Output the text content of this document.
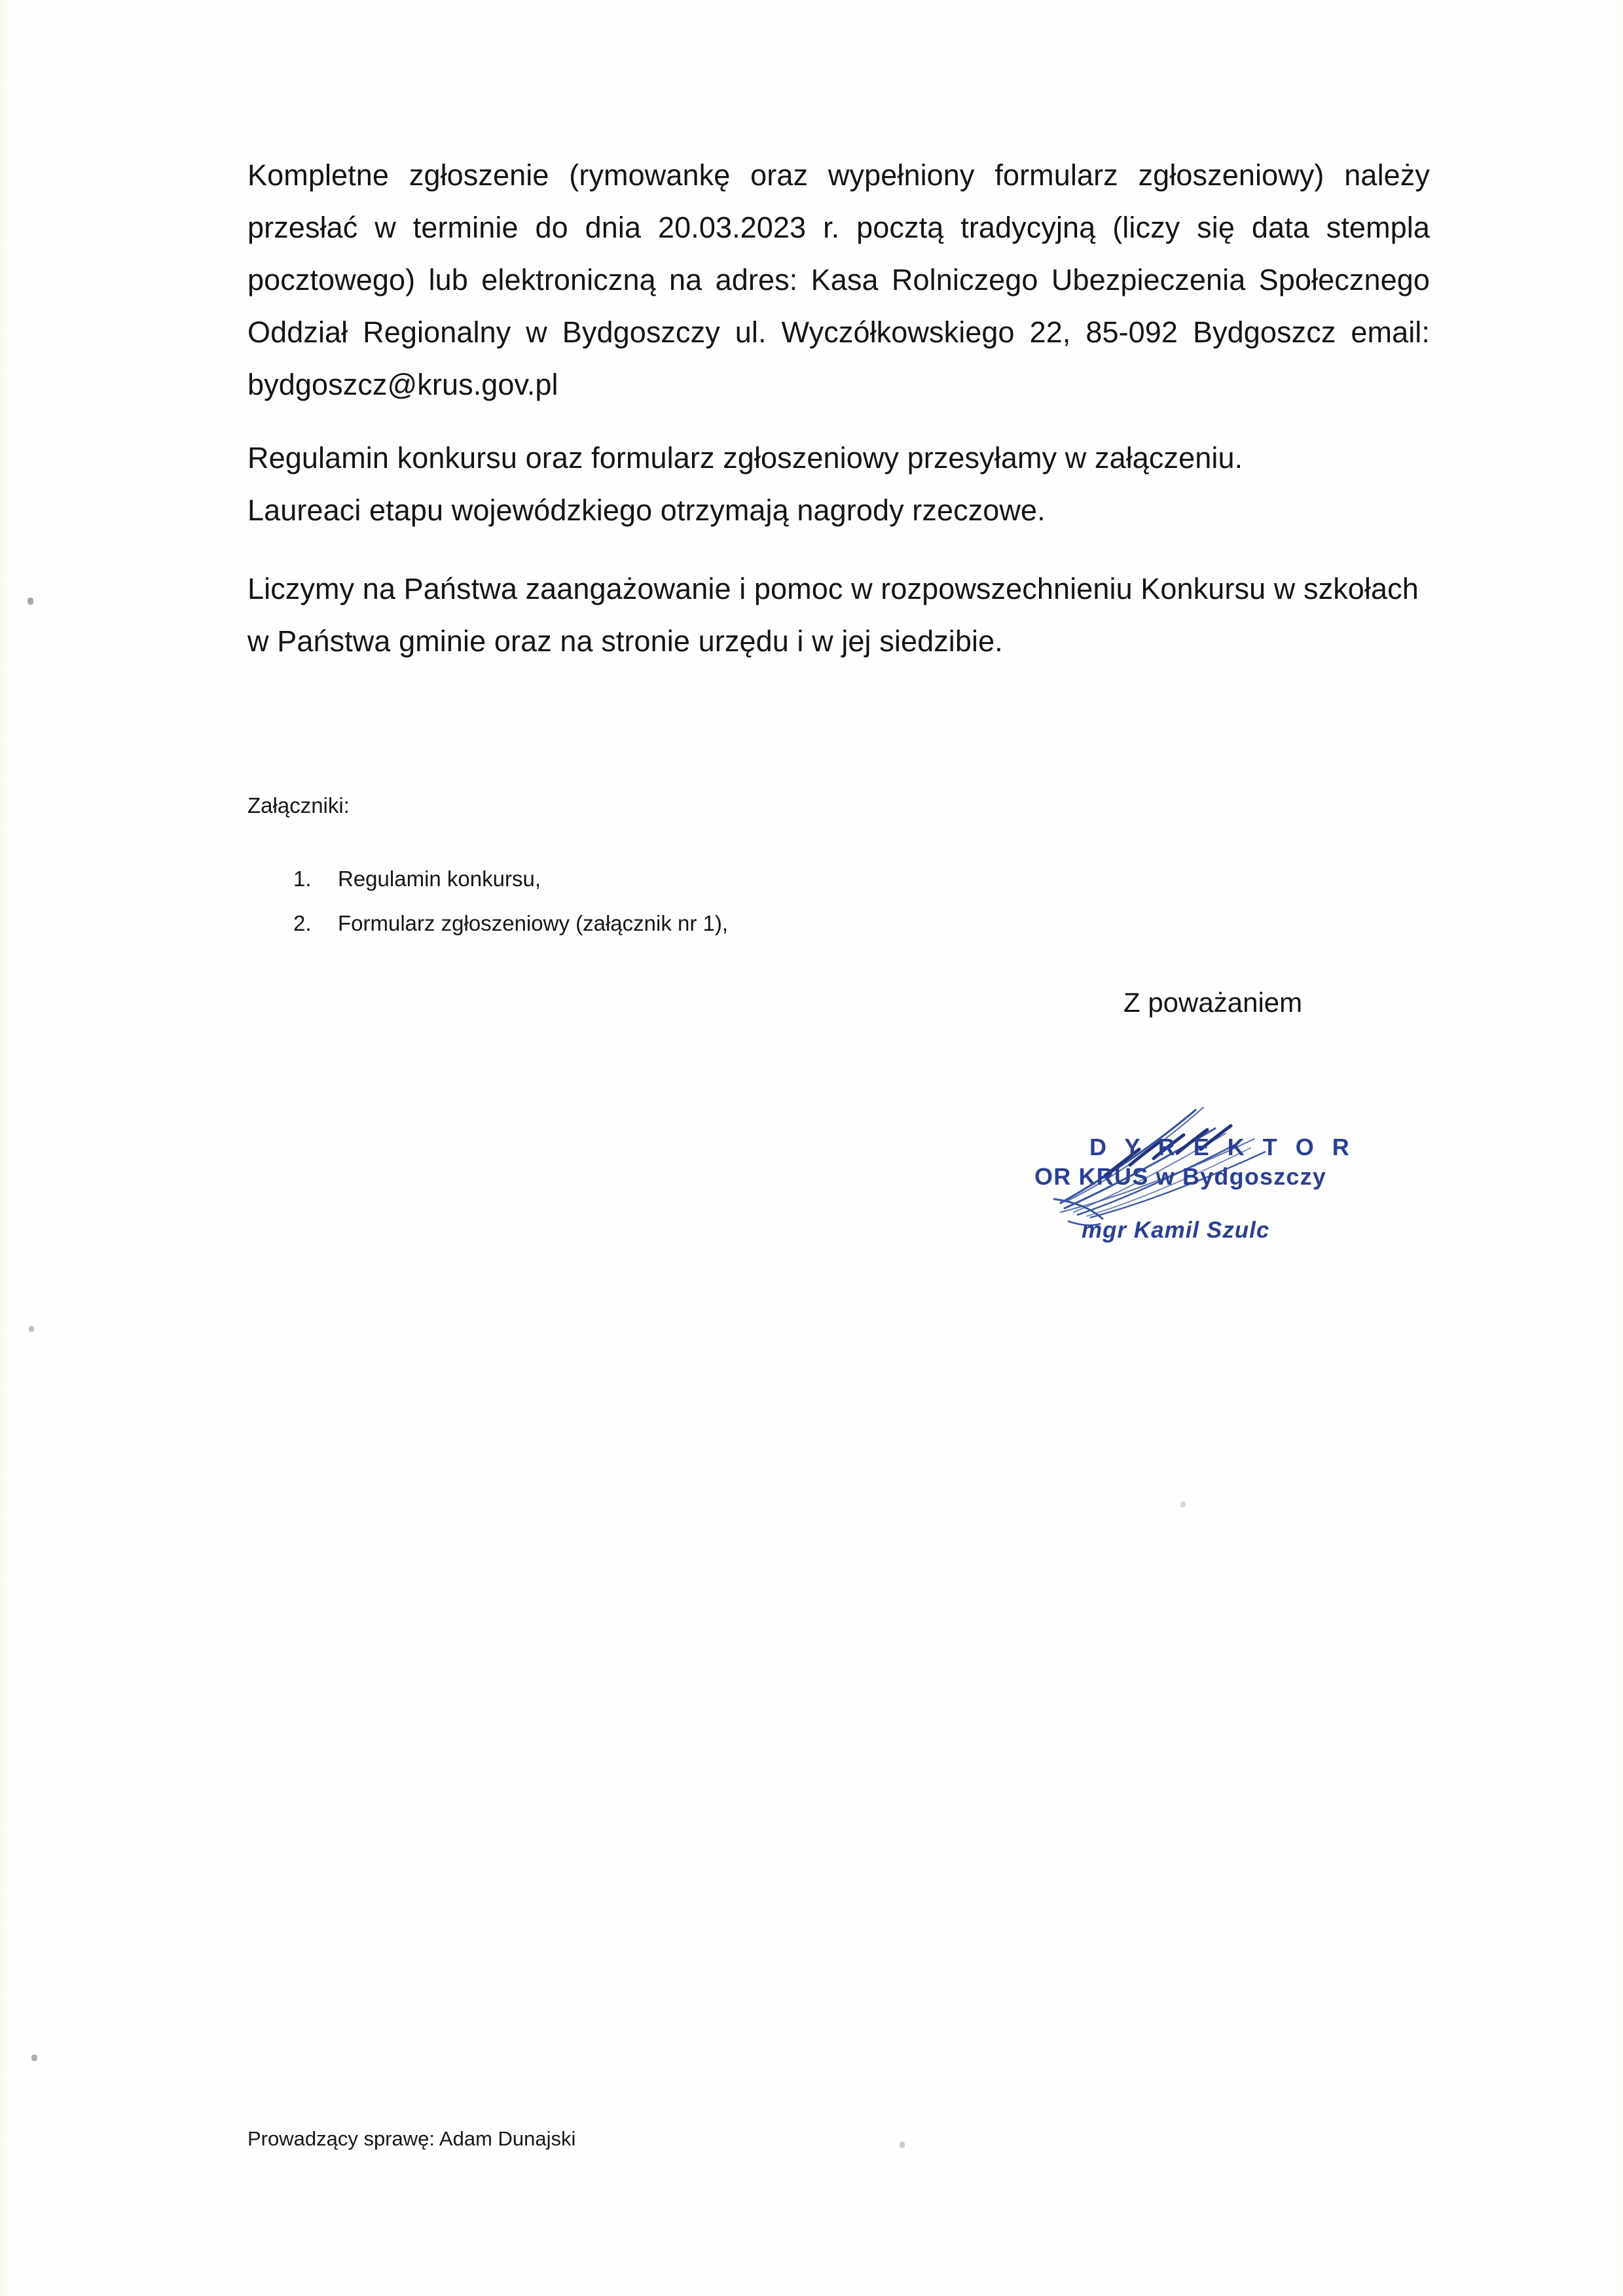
Kompletne zgłoszenie (rymowankę oraz wypełniony formularz zgłoszeniowy) należy przesłać w terminie do dnia 20.03.2023 r. pocztą tradycyjną (liczy się data stempla pocztowego) lub elektroniczną na adres: Kasa Rolniczego Ubezpieczenia Społecznego Oddział Regionalny w Bydgoszczy ul. Wyczółkowskiego 22, 85-092 Bydgoszcz email: bydgoszcz@krus.gov.pl

Regulamin konkursu oraz formularz zgłoszeniowy przesyłamy w załączeniu.

Laureaci etapu wojewódzkiego otrzymają nagrody rzeczowe.

Liczymy na Państwa zaangażowanie i pomoc w rozpowszechnieniu Konkursu w szkołach w Państwa gminie oraz na stronie urzędu i w jej siedzibie.

Załączniki:
1. Regulamin konkursu,
2. Formularz zgłoszeniowy (załącznik nr 1),
Z poważaniem
D Y R E K T O R
OR KRUS w Bydgoszczy
mgr Kamil Szulc
Prowadzący sprawę: Adam Dunajski
